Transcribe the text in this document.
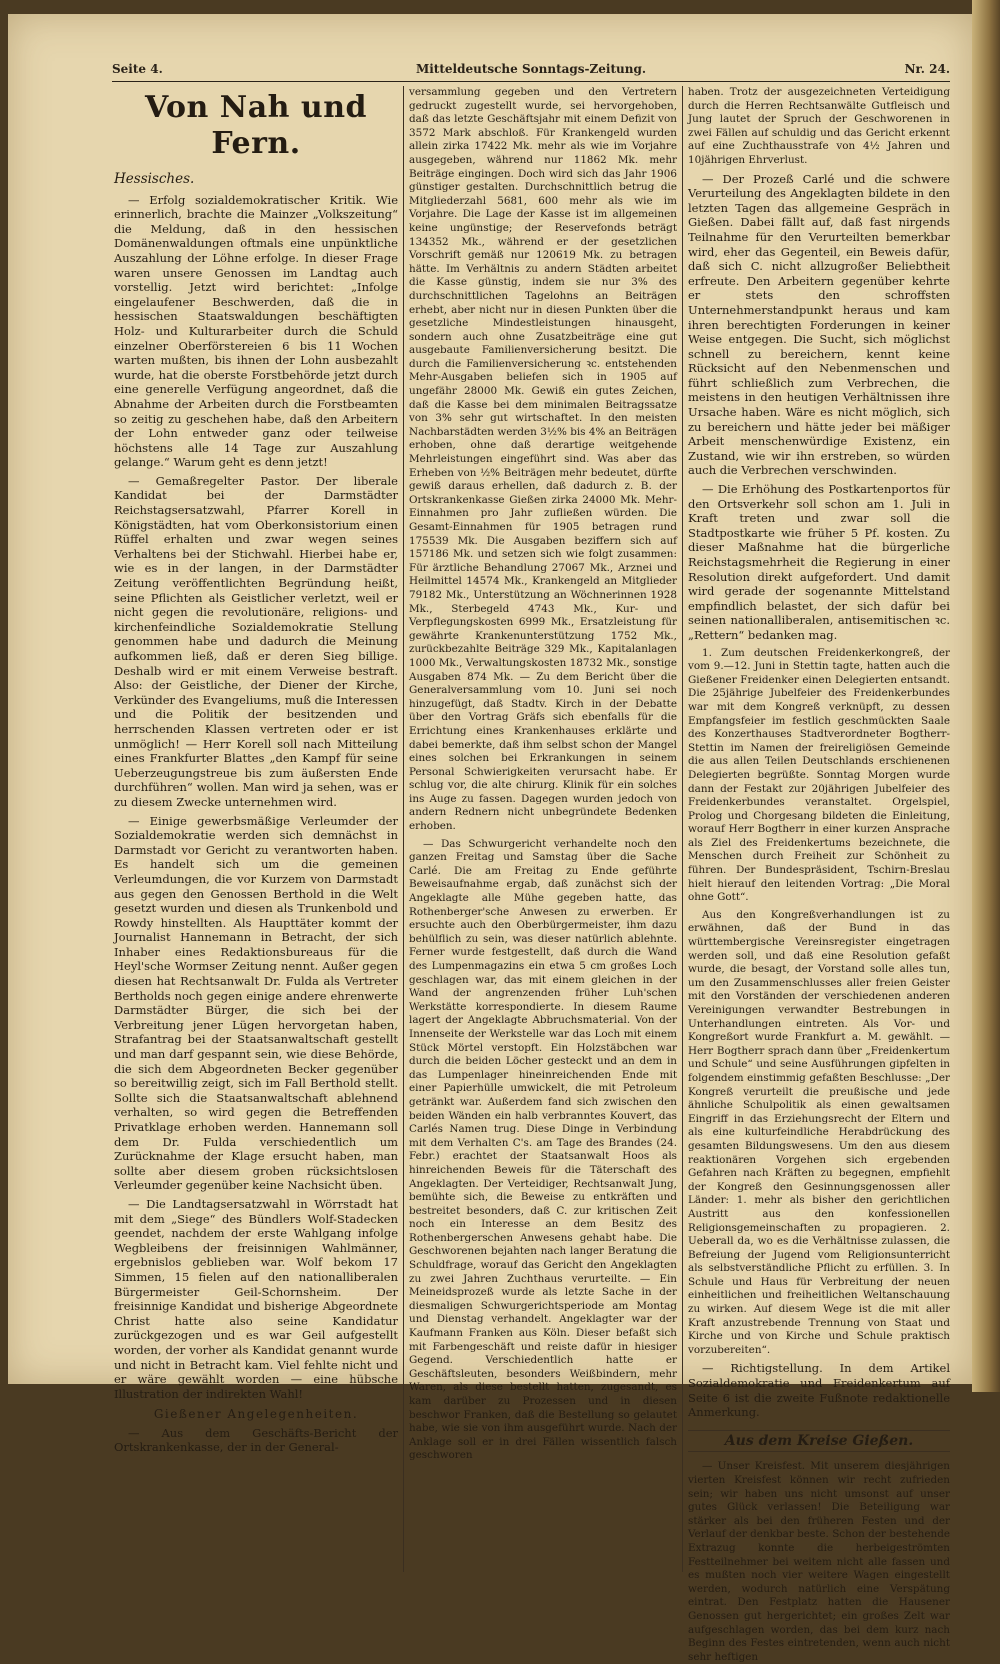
Seite 4.	Mitteldeutsche Sonntags-Zeitung.	Nr. 24.
Von Nah und Fern.
Hessisches.

— Erfolg sozialdemokratischer Kritik. Wie erinnerlich, brachte die Mainzer „Volkszeitung“ die Meldung, daß in den hessischen Domänenwaldungen oftmals eine unpünktliche Auszahlung der Löhne erfolge. In dieser Frage waren unsere Genossen im Landtag auch vorstellig. Jetzt wird berichtet: „Infolge eingelaufener Beschwerden, daß die in hessischen Staatswaldungen beschäftigten Holz- und Kulturarbeiter durch die Schuld einzelner Oberförstereien 6 bis 11 Wochen warten mußten, bis ihnen der Lohn ausbezahlt wurde, hat die oberste Forstbehörde jetzt durch eine generelle Verfügung angeordnet, daß die Abnahme der Arbeiten durch die Forstbeamten so zeitig zu geschehen habe, daß den Arbeitern der Lohn entweder ganz oder teilweise höchstens alle 14 Tage zur Auszahlung gelange.“ Warum geht es denn jetzt!

— Gemaßregelter Pastor. Der liberale Kandidat bei der Darmstädter Reichstagsersatzwahl, Pfarrer Korell in Königstädten, hat vom Oberkonsistorium einen Rüffel erhalten und zwar wegen seines Verhaltens bei der Stichwahl. Hierbei habe er, wie es in der langen, in der Darmstädter Zeitung veröffentlichten Begründung heißt, seine Pflichten als Geistlicher verletzt, weil er nicht gegen die revolutionäre, religions- und kirchenfeindliche Sozialdemokratie Stellung genommen habe und dadurch die Meinung aufkommen ließ, daß er deren Sieg billige. Deshalb wird er mit einem Verweise bestraft. Also: der Geistliche, der Diener der Kirche, Verkünder des Evangeliums, muß die Interessen und die Politik der besitzenden und herrschenden Klassen vertreten oder er ist unmöglich! — Herr Korell soll nach Mitteilung eines Frankfurter Blattes „den Kampf für seine Ueberzeugungstreue bis zum äußersten Ende durchführen“ wollen. Man wird ja sehen, was er zu diesem Zwecke unternehmen wird.

— Einige gewerbsmäßige Verleumder der Sozialdemokratie werden sich demnächst in Darmstadt vor Gericht zu verantworten haben. Es handelt sich um die gemeinen Verleumdungen, die vor Kurzem von Darmstadt aus gegen den Genossen Berthold in die Welt gesetzt wurden und diesen als Trunkenbold und Rowdy hinstellten. Als Haupttäter kommt der Journalist Hannemann in Betracht, der sich Inhaber eines Redaktionsbureaus für die Heyl'sche Wormser Zeitung nennt. Außer gegen diesen hat Rechtsanwalt Dr. Fulda als Vertreter Bertholds noch gegen einige andere ehrenwerte Darmstädter Bürger, die sich bei der Verbreitung jener Lügen hervorgetan haben, Strafantrag bei der Staatsanwaltschaft gestellt und man darf gespannt sein, wie diese Behörde, die sich dem Abgeordneten Becker gegenüber so bereitwillig zeigt, sich im Fall Berthold stellt. Sollte sich die Staatsanwaltschaft ablehnend verhalten, so wird gegen die Betreffenden Privatklage erhoben werden. Hannemann soll dem Dr. Fulda verschiedentlich um Zurücknahme der Klage ersucht haben, man sollte aber diesem groben rücksichtslosen Verleumder gegenüber keine Nachsicht üben.

— Die Landtagsersatzwahl in Wörrstadt hat mit dem „Siege“ des Bündlers Wolf-Stadecken geendet, nachdem der erste Wahlgang infolge Wegbleibens der freisinnigen Wahlmänner, ergebnislos geblieben war. Wolf bekom 17 Simmen, 15 fielen auf den nationalliberalen Bürgermeister Geil-Schornsheim. Der freisinnige Kandidat und bisherige Abgeordnete Christ hatte also seine Kandidatur zurückgezogen und es war Geil aufgestellt worden, der vorher als Kandidat genannt wurde und nicht in Betracht kam. Viel fehlte nicht und er wäre gewählt worden — eine hübsche Illustration der indirekten Wahl!

Gießener Angelegenheiten.

— Aus dem Geschäfts-Bericht der Ortskrankenkasse, der in der General-

versammlung gegeben und den Vertretern gedruckt zugestellt wurde, sei hervorgehoben, daß das letzte Geschäftsjahr mit einem Defizit von 3572 Mark abschloß. Für Krankengeld wurden allein zirka 17422 Mk. mehr als wie im Vorjahre ausgegeben, während nur 11862 Mk. mehr Beiträge eingingen. Doch wird sich das Jahr 1906 günstiger gestalten. Durchschnittlich betrug die Mitgliederzahl 5681, 600 mehr als wie im Vorjahre. Die Lage der Kasse ist im allgemeinen keine ungünstige; der Reservefonds beträgt 134352 Mk., während er der gesetzlichen Vorschrift gemäß nur 120619 Mk. zu betragen hätte. Im Verhältnis zu andern Städten arbeitet die Kasse günstig, indem sie nur 3% des durchschnittlichen Tagelohns an Beiträgen erhebt, aber nicht nur in diesen Punkten über die gesetzliche Mindestleistungen hinausgeht, sondern auch ohne Zusatzbeiträge eine gut ausgebaute Familienversicherung besitzt. Die durch die Familienversicherung ꝛc. entstehenden Mehr-Ausgaben beliefen sich in 1905 auf ungefähr 28000 Mk. Gewiß ein gutes Zeichen, daß die Kasse bei dem minimalen Beitragssatze von 3% sehr gut wirtschaftet. In den meisten Nachbarstädten werden 3½% bis 4% an Beiträgen erhoben, ohne daß derartige weitgehende Mehrleistungen eingeführt sind. Was aber das Erheben von ½% Beiträgen mehr bedeutet, dürfte gewiß daraus erhellen, daß dadurch z. B. der Ortskrankenkasse Gießen zirka 24000 Mk. Mehr-Einnahmen pro Jahr zufließen würden. Die Gesamt-Einnahmen für 1905 betragen rund 175539 Mk. Die Ausgaben beziffern sich auf 157186 Mk. und setzen sich wie folgt zusammen: Für ärztliche Behandlung 27067 Mk., Arznei und Heilmittel 14574 Mk., Krankengeld an Mitglieder 79182 Mk., Unterstützung an Wöchnerinnen 1928 Mk., Sterbegeld 4743 Mk., Kur- und Verpflegungskosten 6999 Mk., Ersatzleistung für gewährte Krankenunterstützung 1752 Mk., zurückbezahlte Beiträge 329 Mk., Kapitalanlagen 1000 Mk., Verwaltungskosten 18732 Mk., sonstige Ausgaben 874 Mk. — Zu dem Bericht über die Generalversammlung vom 10. Juni sei noch hinzugefügt, daß Stadtv. Kirch in der Debatte über den Vortrag Gräfs sich ebenfalls für die Errichtung eines Krankenhauses erklärte und dabei bemerkte, daß ihm selbst schon der Mangel eines solchen bei Erkrankungen in seinem Personal Schwierigkeiten verursacht habe. Er schlug vor, die alte chirurg. Klinik für ein solches ins Auge zu fassen. Dagegen wurden jedoch von andern Rednern nicht unbegründete Bedenken erhoben.

— Das Schwurgericht verhandelte noch den ganzen Freitag und Samstag über die Sache Carlé. Die am Freitag zu Ende geführte Beweisaufnahme ergab, daß zunächst sich der Angeklagte alle Mühe gegeben hatte, das Rothenberger'sche Anwesen zu erwerben. Er ersuchte auch den Oberbürgermeister, ihm dazu behülflich zu sein, was dieser natürlich ablehnte. Ferner wurde festgestellt, daß durch die Wand des Lumpenmagazins ein etwa 5 cm großes Loch geschlagen war, das mit einem gleichen in der Wand der angrenzenden früher Luh'schen Werkstätte korrespondierte. In diesem Raume lagert der Angeklagte Abbruchsmaterial. Von der Innenseite der Werkstelle war das Loch mit einem Stück Mörtel verstopft. Ein Holzstäbchen war durch die beiden Löcher gesteckt und an dem in das Lumpenlager hineinreichenden Ende mit einer Papierhülle umwickelt, die mit Petroleum getränkt war. Außerdem fand sich zwischen den beiden Wänden ein halb verbranntes Kouvert, das Carlés Namen trug. Diese Dinge in Verbindung mit dem Verhalten C's. am Tage des Brandes (24. Febr.) erachtet der Staatsanwalt Hoos als hinreichenden Beweis für die Täterschaft des Angeklagten. Der Verteidiger, Rechtsanwalt Jung, bemühte sich, die Beweise zu entkräften und bestreitet besonders, daß C. zur kritischen Zeit noch ein Interesse an dem Besitz des Rothenbergerschen Anwesens gehabt habe. Die Geschworenen bejahten nach langer Beratung die Schuldfrage, worauf das Gericht den Angeklagten zu zwei Jahren Zuchthaus verurteilte. — Ein Meineidsprozeß wurde als letzte Sache in der diesmaligen Schwurgerichtsperiode am Montag und Dienstag verhandelt. Angeklagter war der Kaufmann Franken aus Köln. Dieser befaßt sich mit Farbengeschäft und reiste dafür in hiesiger Gegend. Verschiedentlich hatte er Geschäftsleuten, besonders Weißbindern, mehr Waren, als diese bestellt hatten, zugesandt, es kam darüber zu Prozessen und in diesen beschwor Franken, daß die Bestellung so gelautet habe, wie sie von ihm ausgeführt wurde. Nach der Anklage soll er in drei Fällen wissentlich falsch geschworen

haben. Trotz der ausgezeichneten Verteidigung durch die Herren Rechtsanwälte Gutfleisch und Jung lautet der Spruch der Geschworenen in zwei Fällen auf schuldig und das Gericht erkennt auf eine Zuchthausstrafe von 4½ Jahren und 10jährigen Ehrverlust.

— Der Prozeß Carlé und die schwere Verurteilung des Angeklagten bildete in den letzten Tagen das allgemeine Gespräch in Gießen. Dabei fällt auf, daß fast nirgends Teilnahme für den Verurteilten bemerkbar wird, eher das Gegenteil, ein Beweis dafür, daß sich C. nicht allzugroßer Beliebtheit erfreute. Den Arbeitern gegenüber kehrte er stets den schroffsten Unternehmerstandpunkt heraus und kam ihren berechtigten Forderungen in keiner Weise entgegen. Die Sucht, sich möglichst schnell zu bereichern, kennt keine Rücksicht auf den Nebenmenschen und führt schließlich zum Verbrechen, die meistens in den heutigen Verhältnissen ihre Ursache haben. Wäre es nicht möglich, sich zu bereichern und hätte jeder bei mäßiger Arbeit menschenwürdige Existenz, ein Zustand, wie wir ihn erstreben, so würden auch die Verbrechen verschwinden.

— Die Erhöhung des Postkartenportos für den Ortsverkehr soll schon am 1. Juli in Kraft treten und zwar soll die Stadtpostkarte wie früher 5 Pf. kosten. Zu dieser Maßnahme hat die bürgerliche Reichstagsmehrheit die Regierung in einer Resolution direkt aufgefordert. Und damit wird gerade der sogenannte Mittelstand empfindlich belastet, der sich dafür bei seinen nationalliberalen, antisemitischen ꝛc. „Rettern“ bedanken mag.

1. Zum deutschen Freidenkerkongreß, der vom 9.—12. Juni in Stettin tagte, hatten auch die Gießener Freidenker einen Delegierten entsandt. Die 25jährige Jubelfeier des Freidenkerbundes war mit dem Kongreß verknüpft, zu dessen Empfangsfeier im festlich geschmückten Saale des Konzerthauses Stadtverordneter Bogtherr-Stettin im Namen der freireligiösen Gemeinde die aus allen Teilen Deutschlands erschienenen Delegierten begrüßte. Sonntag Morgen wurde dann der Festakt zur 20jährigen Jubelfeier des Freidenkerbundes veranstaltet. Orgelspiel, Prolog und Chorgesang bildeten die Einleitung, worauf Herr Bogtherr in einer kurzen Ansprache als Ziel des Freidenkertums bezeichnete, die Menschen durch Freiheit zur Schönheit zu führen. Der Bundespräsident, Tschirn-Breslau hielt hierauf den leitenden Vortrag: „Die Moral ohne Gott“.

Aus den Kongreßverhandlungen ist zu erwähnen, daß der Bund in das württembergische Vereinsregister eingetragen werden soll, und daß eine Resolution gefaßt wurde, die besagt, der Vorstand solle alles tun, um den Zusammenschlusses aller freien Geister mit den Vorständen der verschiedenen anderen Vereinigungen verwandter Bestrebungen in Unterhandlungen eintreten. Als Vor- und Kongreßort wurde Frankfurt a. M. gewählt. — Herr Bogtherr sprach dann über „Freidenkertum und Schule“ und seine Ausführungen gipfelten in folgendem einstimmig gefaßten Beschlusse: „Der Kongreß verurteilt die preußische und jede ähnliche Schulpolitik als einen gewaltsamen Eingriff in das Erziehungsrecht der Eltern und als eine kulturfeindliche Herabdrückung des gesamten Bildungswesens. Um den aus diesem reaktionären Vorgehen sich ergebenden Gefahren nach Kräften zu begegnen, empfiehlt der Kongreß den Gesinnungsgenossen aller Länder: 1. mehr als bisher den gerichtlichen Austritt aus den konfessionellen Religionsgemeinschaften zu propagieren. 2. Ueberall da, wo es die Verhältnisse zulassen, die Befreiung der Jugend vom Religionsunterricht als selbstverständliche Pflicht zu erfüllen. 3. In Schule und Haus für Verbreitung der neuen einheitlichen und freiheitlichen Weltanschauung zu wirken. Auf diesem Wege ist die mit aller Kraft anzustrebende Trennung von Staat und Kirche und von Kirche und Schule praktisch vorzubereiten“.

— Richtigstellung. In dem Artikel Sozialdemokratie und Freidenkertum auf Seite 6 ist die zweite Fußnote redaktionelle Anmerkung.

Aus dem Kreise Gießen.

— Unser Kreisfest. Mit unserem diesjährigen vierten Kreisfest können wir recht zufrieden sein; wir haben uns nicht umsonst auf unser gutes Glück verlassen! Die Beteiligung war stärker als bei den früheren Festen und der Verlauf der denkbar beste. Schon der bestehende Extrazug konnte die herbeigeströmten Festteilnehmer bei weitem nicht alle fassen und es mußten noch vier weitere Wagen eingestellt werden, wodurch natürlich eine Verspätung eintrat. Den Festplatz hatten die Hausener Genossen gut hergerichtet; ein großes Zelt war aufgeschlagen worden, das bei dem kurz nach Beginn des Festes eintretenden, wenn auch nicht sehr heftigen
